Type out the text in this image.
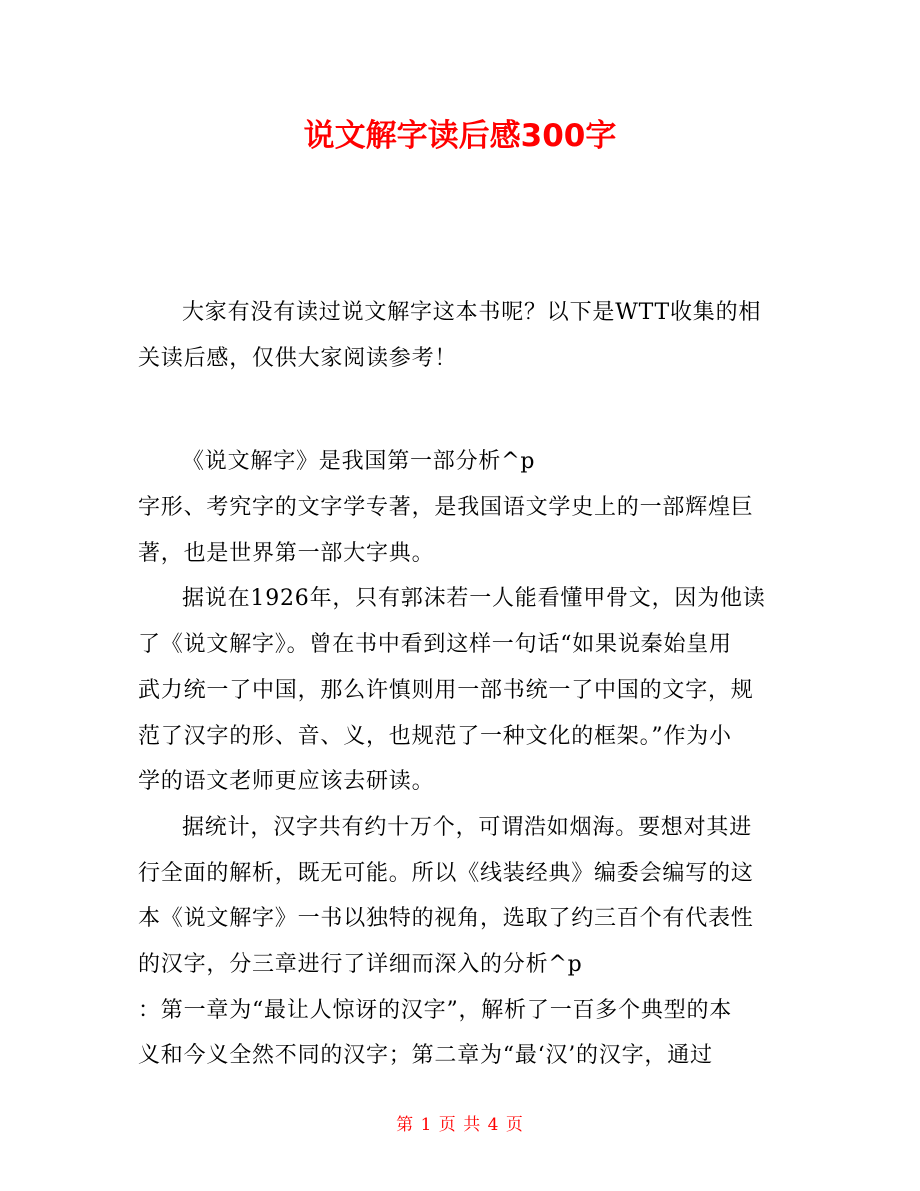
说文解字读后感300字

大家有没有读过说文解字这本书呢？以下是WTT收集的相

关读后感，仅供大家阅读参考！

《说文解字》是我国第一部分析^p

字形、考究字的文字学专著，是我国语文学史上的一部辉煌巨

著，也是世界第一部大字典。

据说在1926年，只有郭沫若一人能看懂甲骨文，因为他读

了《说文解字》。曾在书中看到这样一句话“如果说秦始皇用

武力统一了中国，那么许慎则用一部书统一了中国的文字，规

范了汉字的形、音、义，也规范了一种文化的框架。”作为小

学的语文老师更应该去研读。

据统计，汉字共有约十万个，可谓浩如烟海。要想对其进

行全面的解析，既无可能。所以《线装经典》编委会编写的这

本《说文解字》一书以独特的视角，选取了约三百个有代表性

的汉字，分三章进行了详细而深入的分析^p

：第一章为“最让人惊讶的汉字”，解析了一百多个典型的本

义和今义全然不同的汉字；第二章为“最‘汉’的汉字，通过

第 1 页 共 4 页
